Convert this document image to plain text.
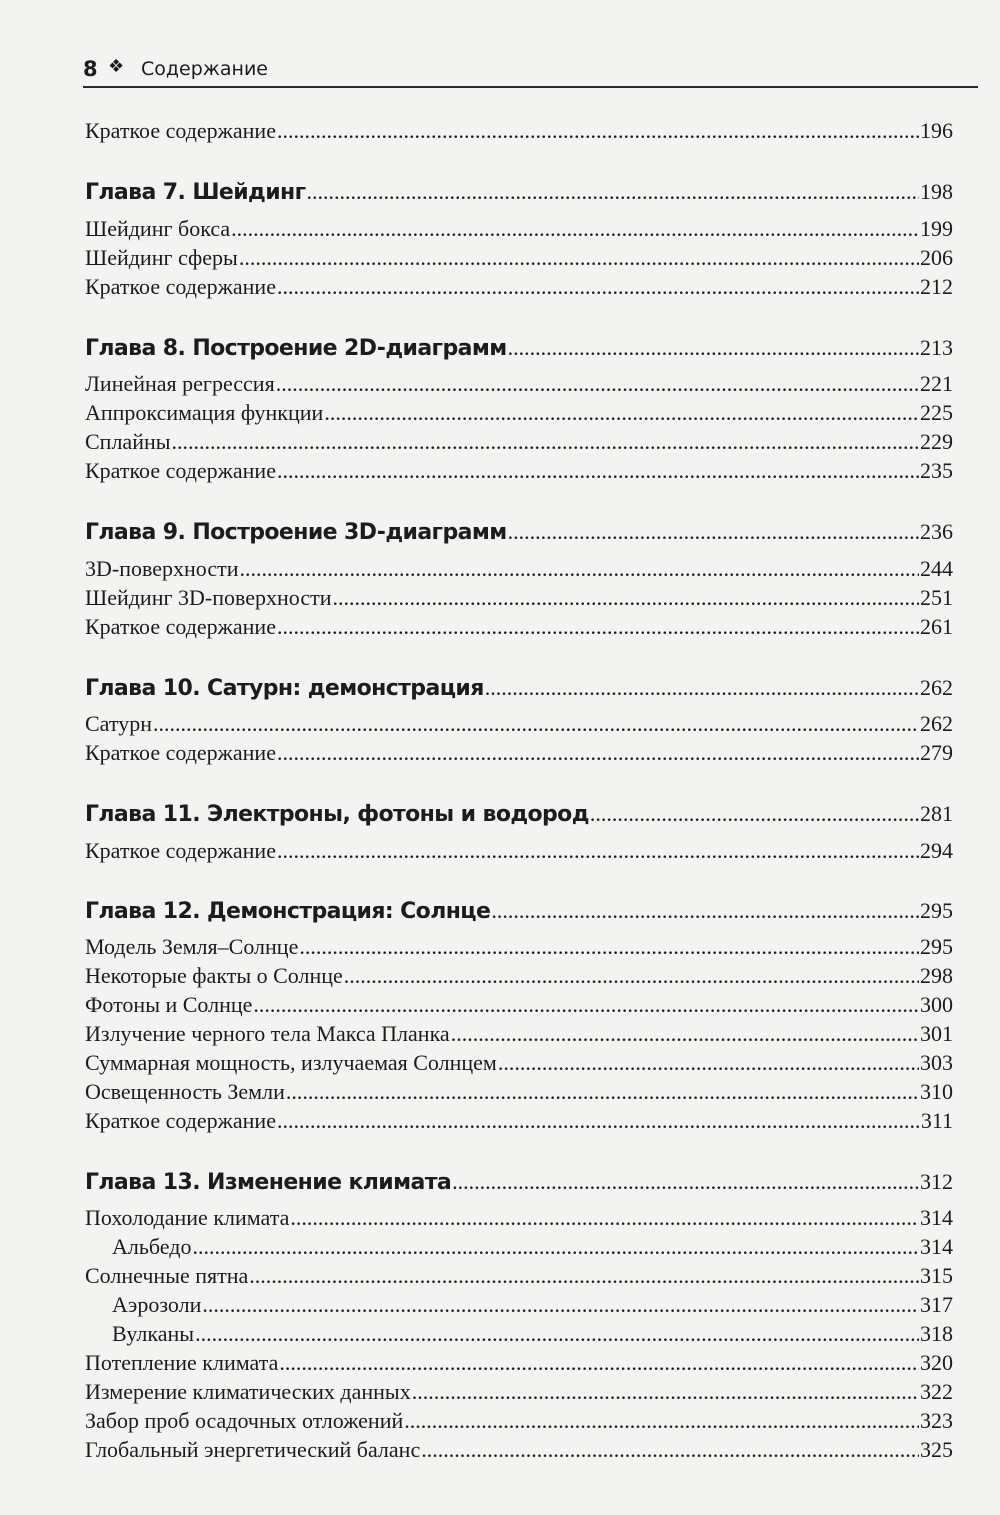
8 ❖ Содержание
Краткое содержание .....	196
Глава 7. Шейдинг .....	198
Шейдинг бокса .....	199
Шейдинг сферы .....	206
Краткое содержание .....	212
Глава 8. Построение 2D-диаграмм .....	213
Линейная регрессия .....	221
Аппроксимация функции .....	225
Сплайны .....	229
Краткое содержание .....	235
Глава 9. Построение 3D-диаграмм .....	236
3D-поверхности .....	244
Шейдинг 3D-поверхности .....	251
Краткое содержание .....	261
Глава 10. Сатурн: демонстрация .....	262
Сатурн .....	262
Краткое содержание .....	279
Глава 11. Электроны, фотоны и водород .....	281
Краткое содержание .....	294
Глава 12. Демонстрация: Солнце .....	295
Модель Земля–Солнце .....	295
Некоторые факты о Солнце .....	298
Фотоны и Солнце .....	300
Излучение черного тела Макса Планка .....	301
Суммарная мощность, излучаемая Солнцем .....	303
Освещенность Земли .....	310
Краткое содержание .....	311
Глава 13. Изменение климата .....	312
Похолодание климата .....	314
Альбедо .....	314
Солнечные пятна .....	315
Аэрозоли .....	317
Вулканы .....	318
Потепление климата .....	320
Измерение климатических данных .....	322
Забор проб осадочных отложений .....	323
Глобальный энергетический баланс .....	325
